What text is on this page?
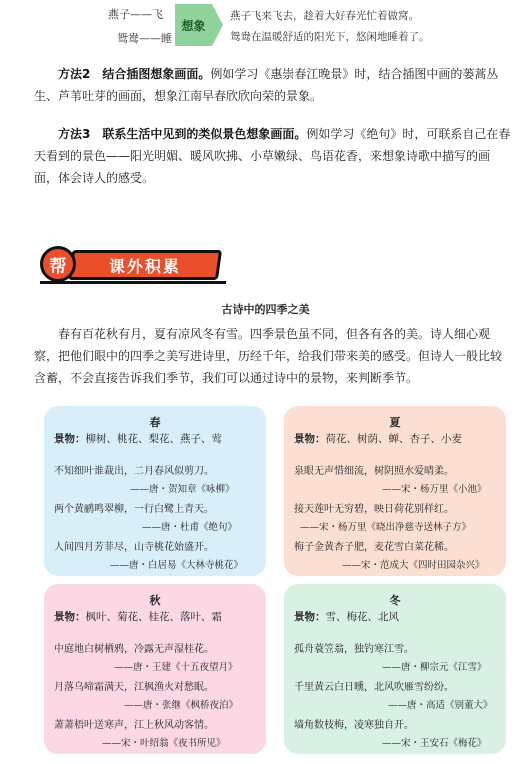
燕子——飞
鸳鸯——睡
想象
燕子飞来飞去，趁着大好春光忙着做窝。
鸳鸯在温暖舒适的阳光下，悠闲地睡着了。
方法2　结合插图想象画面。例如学习《惠崇春江晚景》时，结合插图中画的蒌蒿丛生、芦苇吐芽的画面，想象江南早春欣欣向荣的景象。
方法3　联系生活中见到的类似景色想象画面。例如学习《绝句》时，可联系自己在春天看到的景色——阳光明媚、暖风吹拂、小草嫩绿、鸟语花香，来想象诗歌中描写的画面，体会诗人的感受。
课外积累
帮
古诗中的四季之美
春有百花秋有月，夏有凉风冬有雪。四季景色虽不同，但各有各的美。诗人细心观察，把他们眼中的四季之美写进诗里，历经千年，给我们带来美的感受。但诗人一般比较含蓄，不会直接告诉我们季节，我们可以通过诗中的景物，来判断季节。
春
景物：柳树、桃花、梨花、燕子、莺
不知细叶谁裁出，二月春风似剪刀。
——唐・贺知章《咏柳》
两个黄鹂鸣翠柳，一行白鹭上青天。
——唐・杜甫《绝句》
人间四月芳菲尽，山寺桃花始盛开。
——唐・白居易《大林寺桃花》
夏
景物：荷花、树荫、蝉、杏子、小麦
泉眼无声惜细流，树阴照水爱晴柔。
——宋・杨万里《小池》
接天莲叶无穷碧，映日荷花别样红。
——宋・杨万里《晓出净慈寺送林子方》
梅子金黄杏子肥，麦花雪白菜花稀。
——宋・范成大《四时田园杂兴》
秋
景物：枫叶、菊花、桂花、落叶、霜
中庭地白树栖鸦，冷露无声湿桂花。
——唐・王建《十五夜望月》
月落乌啼霜满天，江枫渔火对愁眠。
——唐・张继《枫桥夜泊》
萧萧梧叶送寒声，江上秋风动客情。
——宋・叶绍翁《夜书所见》
冬
景物：雪、梅花、北风
孤舟蓑笠翁，独钓寒江雪。
——唐・柳宗元《江雪》
千里黄云白日曛，北风吹雁雪纷纷。
——唐・高适《别董大》
墙角数枝梅，凌寒独自开。
——宋・王安石《梅花》
